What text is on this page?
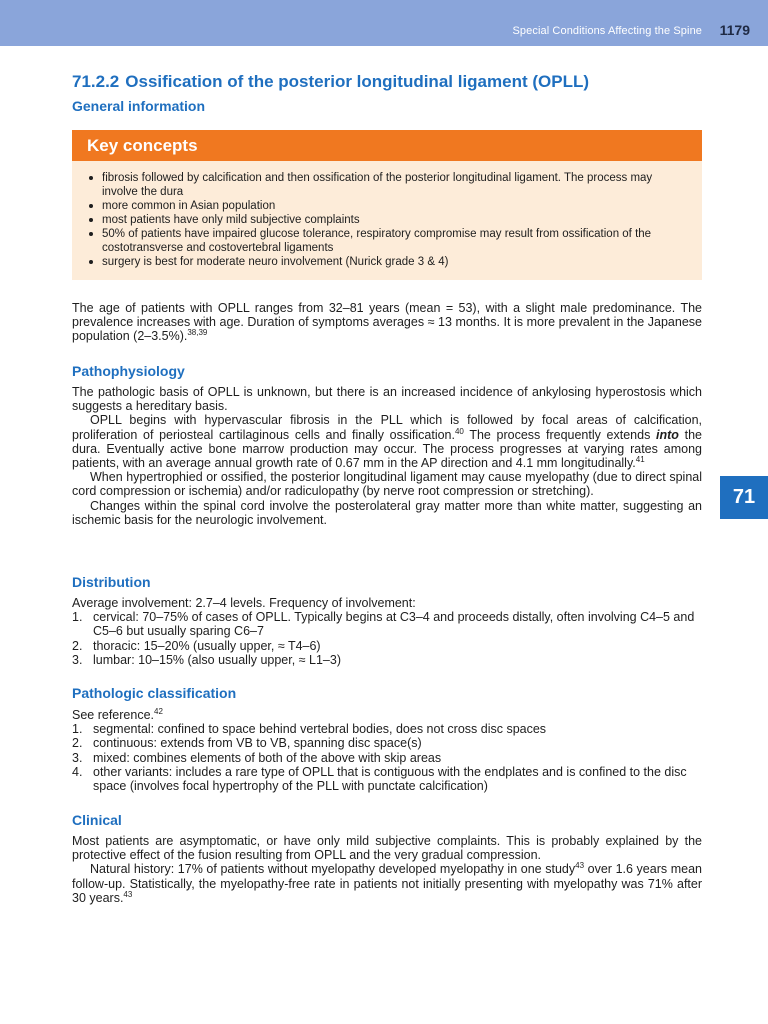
Special Conditions Affecting the Spine 1179
71
71.2.2 Ossification of the posterior longitudinal ligament (OPLL)
General information
Key concepts
fibrosis followed by calcification and then ossification of the posterior longitudinal ligament. The process may involve the dura
more common in Asian population
most patients have only mild subjective complaints
50% of patients have impaired glucose tolerance, respiratory compromise may result from ossification of the costotransverse and costovertebral ligaments
surgery is best for moderate neuro involvement (Nurick grade 3 & 4)

The age of patients with OPLL ranges from 32–81 years (mean = 53), with a slight male predominance. The prevalence increases with age. Duration of symptoms averages ≈ 13 months. It is more prevalent in the Japanese population (2–3.5%).$^{38,39}$

Pathophysiology

The pathologic basis of OPLL is unknown, but there is an increased incidence of ankylosing hyperostosis which suggests a hereditary basis.

OPLL begins with hypervascular fibrosis in the PLL which is followed by focal areas of calcification, proliferation of periosteal cartilaginous cells and finally ossification.$^{40}$ The process frequently extends into the dura. Eventually active bone marrow production may occur. The process progresses at varying rates among patients, with an average annual growth rate of 0.67 mm in the AP direction and 4.1 mm longitudinally.$^{41}$

When hypertrophied or ossified, the posterior longitudinal ligament may cause myelopathy (due to direct spinal cord compression or ischemia) and/or radiculopathy (by nerve root compression or stretching).

Changes within the spinal cord involve the posterolateral gray matter more than white matter, suggesting an ischemic basis for the neurologic involvement.

Distribution

Average involvement: 2.7–4 levels. Frequency of involvement:

1. cervical: 70–75% of cases of OPLL. Typically begins at C3–4 and proceeds distally, often involving C4–5 and C5–6 but usually sparing C6–7
2. thoracic: 15–20% (usually upper, ≈ T4–6)
3. lumbar: 10–15% (also usually upper, ≈ L1–3)
Pathologic classification

See reference.$^{42}$

1. segmental: confined to space behind vertebral bodies, does not cross disc spaces
2. continuous: extends from VB to VB, spanning disc space(s)
3. mixed: combines elements of both of the above with skip areas
4. other variants: includes a rare type of OPLL that is contiguous with the endplates and is confined to the disc space (involves focal hypertrophy of the PLL with punctate calcification)
Clinical

Most patients are asymptomatic, or have only mild subjective complaints. This is probably explained by the protective effect of the fusion resulting from OPLL and the very gradual compression.

Natural history: 17% of patients without myelopathy developed myelopathy in one study$^{43}$ over 1.6 years mean follow-up. Statistically, the myelopathy-free rate in patients not initially presenting with myelopathy was 71% after 30 years.$^{43}$
